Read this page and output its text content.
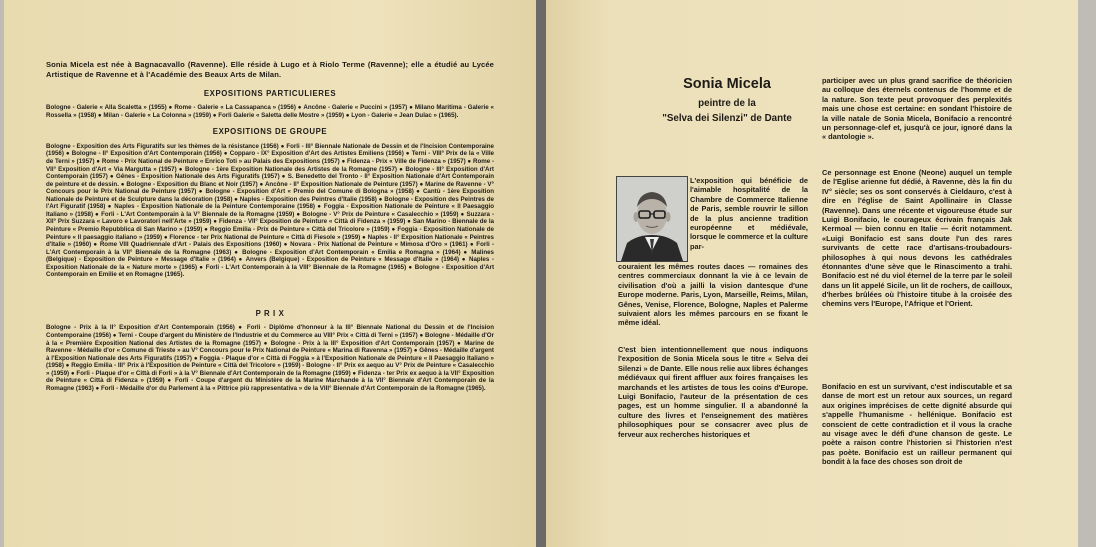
Sonia Micela est née à Bagnacavallo (Ravenne). Elle réside à Lugo et à Riolo Terme (Ravenne); elle a étudié au Lycée Artistique de Ravenne et à l'Académie des Beaux Arts de Milan.

EXPOSITIONS PARTICULIERES

Bologne - Galerie « Alla Scaletta » (1955) ● Rome - Galerie « La Cassapanca » (1956) ● Ancône - Galerie « Puccini » (1957) ● Milano Maritima - Galerie « Rossella » (1958) ● Milan - Galerie « La Colonna » (1959) ● Forli Galerie « Saletta delle Mostre » (1959) ● Lyon - Galerie « Jean Dulac » (1965).

EXPOSITIONS DE GROUPE

Bologne - Exposition des Arts Figuratifs sur les thèmes de la résistance (1956) ● Forli - III° Biennale Nationale de Dessin et de l'Incision Contemporaine (1956) ● Bologne - II° Exposition d'Art Contemporain (1956) ● Copparo - IX° Exposition d'Art des Artistes Emiliens (1956) ● Terni - VIII° Prix de la « Ville de Terni » (1957) ● Rome - Prix National de Peinture « Enrico Toti » au Palais des Expositions (1957) ● Fidenza - Prix « Ville de Fidenza » (1957) ● Rome - VII° Exposition d'Art « Via Margutta » (1957) ● Bologne - 1ère Exposition Nationale des Artistes de la Romagne (1957) ● Bologne - III° Exposition d'Art Contemporain (1957) ● Gênes - Exposition Nationale des Arts Figuratifs (1957) ● S. Benedetto del Tronto - II° Exposition Nationale d'Art Contemporain de peinture et de dessin. ● Bologne - Exposition du Blanc et Noir (1957) ● Ancône - II° Exposition Nationale de Peinture (1957) ● Marine de Ravenne - V° Concours pour le Prix National de Peinture (1957) ● Bologne - Exposition d'Art « Premio del Comune di Bologna » (1958) ● Cantù - 1ère Exposition Nationale de Peinture et de Sculpture dans la décoration (1958) ● Naples - Exposition des Peintres d'Italie (1958) ● Bologne - Exposition des Peintres de l'Art Figuratif (1958) ● Naples - Exposition Nationale de la Peinture Contemporaine (1958) ● Foggia - Exposition Nationale de Peinture « Il Paesaggio Italiano » (1958) ● Forli - L'Art Contemporain à la V° Biennale de la Romagne (1959) ● Bologne - V° Prix de Peinture « Casalecchio » (1959) ● Suzzara - XII° Prix Suzzara « Lavoro e Lavoratori nell'Arte » (1959) ● Fidenza - VII° Exposition de Peinture « Città di Fidenza » (1959) ● San Marino - Biennale de la Peinture « Premio Repubblica di San Marino » (1959) ● Reggio Emilia - Prix de Peinture « Città del Tricolore » (1959) ● Foggia - Exposition Nationale de Peinture « Il paesaggio italiano » (1959) ● Florence - ter Prix National de Peinture « Città di Fiesole » (1959) ● Naples - II° Exposition Nationale « Peintres d'Italie » (1960) ● Rome VIII Quadriennale d'Art - Palais des Expositions (1960) ● Novara - Prix National de Peinture « Mimosa d'Oro » (1961) ● Forli - L'Art Contemporain à la VII° Biennale de la Romagne (1963) ● Bologne - Exposition d'Art Contemporain « Emilia e Romagna » (1964) ● Malines (Belgique) - Exposition de Peinture « Message d'Italie » (1964) ● Anvers (Belgique) - Exposition de Peinture « Message d'Italie » (1964) ● Naples - Exposition Nationale de la « Nature morte » (1965) ● Forli - L'Art Contemporain à la VIII° Biennale de la Romagne (1965) ● Bologne - Exposition d'Art Contemporain en Emilie et en Romagne (1965).

P R I X

Bologne - Prix à la II° Exposition d'Art Contemporain (1956) ● Forli - Diplôme d'honneur à la III° Biennale National du Dessin et de l'Incision Contemporaine (1956) ● Terni - Coupe d'argent du Ministère de l'Industrie et du Commerce au VIII° Prix « Città di Terni » (1957) ● Bologne - Médaille d'Or à la « Première Exposition National des Artistes de la Romagne (1957) ● Bologne - Prix à la III° Exposition d'Art Contemporain (1957) ● Marine de Ravenne - Médaille d'or « Comune di Trieste » au V° Concours pour le Prix National de Peinture « Marina di Ravenna » (1957) ● Gênes - Médaille d'argent à l'Exposition Nationale des Arts Figuratifs (1957) ● Foggia - Plaque d'or « Città di Foggia » à l'Exposition Nationale de Peinture « Il Paesaggio Italiano » (1958) ● Reggio Emilia - III° Prix à l'Exposition de Peinture « Città del Tricolore » (1959) - Bologne - II° Prix ex aequo au V° Prix de Peinture « Casalecchio » (1959) ● Forli - Plaque d'or « Città di Forli » à la V° Biennale d'Art Contemporain de la Romagne (1959) ● Fidenza - ter Prix ex aequo à la VII° Exposition de Peinture « Città di Fidenza » (1959) ● Forli - Coupe d'argent du Ministère de la Marine Marchande à la VII° Biennale d'Art Contemporain de la Romagne (1963) ● Forli - Médaille d'or du Parlement à la « Pittrice più rappresentativa » de la VIII° Biennale d'Art Contemporain de la Romagne (1965).

Sonia Micela
peintre de la
"Selva dei Silenzi" de Dante

L'exposition qui bénéficie de l'aimable hospitalité de la Chambre de Commerce Italienne de Paris, semble rouvrir le sillon de la plus ancienne tradition européenne et médiévale, lorsque le commerce et la culture par-

couraient les mêmes routes daces — romaines des centres commerciaux donnant la vie à ce levain de civilisation d'où a jailli la vision dantesque d'une Europe moderne. Paris, Lyon, Marseille, Reims, Milan, Gênes, Venise, Florence, Bologne, Naples et Palerme suivaient alors les mêmes parcours en se fixant le même idéal.

C'est bien intentionnellement que nous indiquons l'exposition de Sonia Micela sous le titre « Selva dei Silenzi » de Dante. Elle nous relie aux libres échanges médiévaux qui firent affluer aux foires françaises les marchands et les artistes de tous les coins d'Europe. Luigi Bonifacio, l'auteur de la présentation de ces pages, est un homme singulier. Il a abandonné la culture des livres et l'enseignement des matières philosophiques pour se consacrer avec plus de ferveur aux recherches historiques et

participer avec un plus grand sacrifice de théoricien au colloque des éternels contenus de l'homme et de la nature. Son texte peut provoquer des perplexités mais une chose est certaine: en sondant l'histoire de la ville natale de Sonia Micela, Bonifacio a rencontré un personnage-clef et, jusqu'à ce jour, ignoré dans la « dantologie ».

Ce personnage est Enone (Neone) auquel un temple de l'Eglise arienne fut dédié, à Ravenne, dès la fin du IV° siècle; ses os sont conservés à Cieldauro, c'est à dire en l'église de Saint Apollinaire in Classe (Ravenne). Dans une récente et vigoureuse étude sur Luigi Bonifacio, le courageux écrivain français Jak Kermoal — bien connu en Italie — écrit notamment. «Luigi Bonifacio est sans doute l'un des rares survivants de cette race d'artisans-troubadours-philosophes à qui nous devons les cathédrales étonnantes d'une sève que le Rinascimento a trahi. Bonifacio est né du viol éternel de la terre par le soleil dans un lit appelé Sicile, un lit de rochers, de cailloux, d'herbes brûlées où l'histoire titube à la croisée des chemins vers l'Europe, l'Afrique et l'Orient.

Bonifacio en est un survivant, c'est indiscutable et sa danse de mort est un retour aux sources, un regard aux origines imprécises de cette dignité absurde qui s'appelle l'humanisme - hellénique. Bonifacio est conscient de cette contradiction et il vous la crache au visage avec le défi d'une chanson de geste. Le poète a raison contre l'historien si l'historien n'est pas poète. Bonifacio est un railleur permanent qui bondit à la face des choses son droit de
